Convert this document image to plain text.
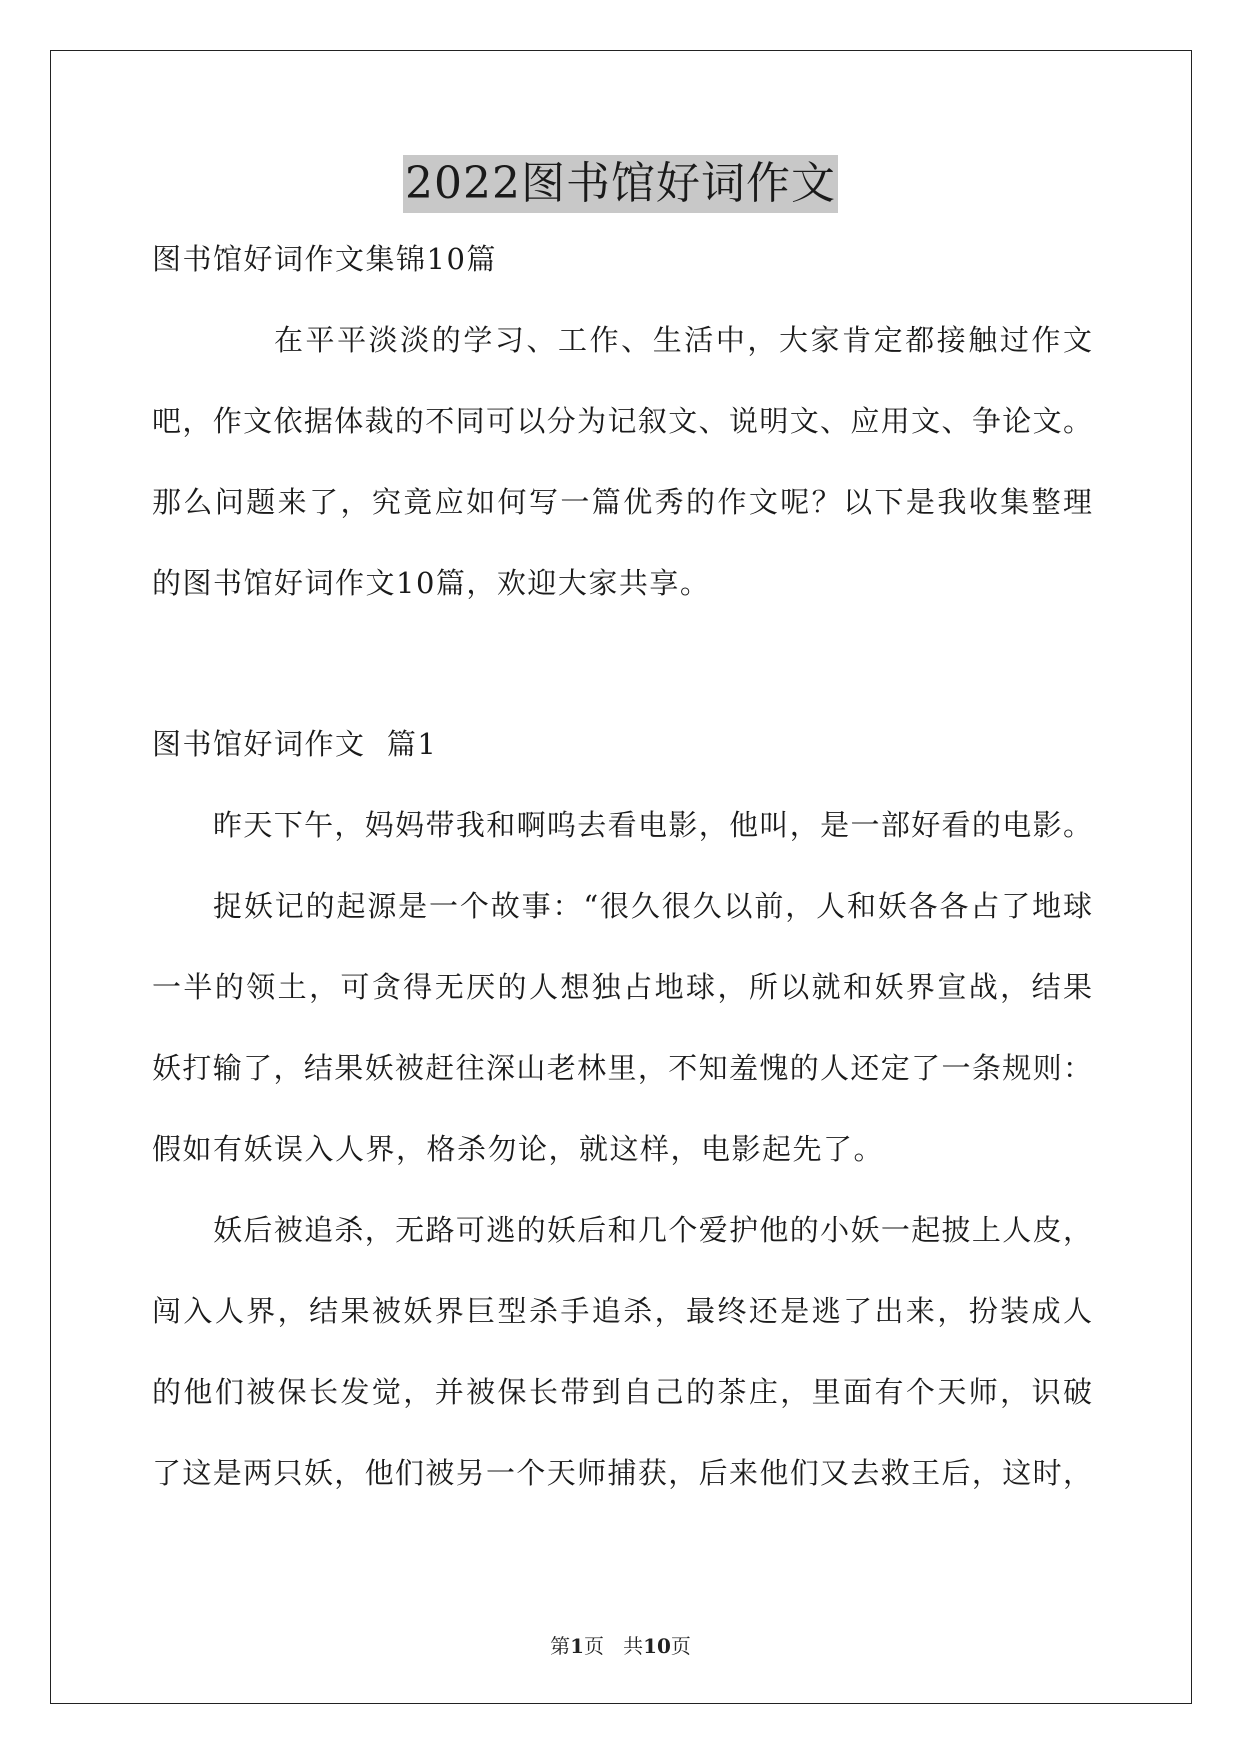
2022图书馆好词作文
图书馆好词作文集锦10篇
在平平淡淡的学习、工作、生活中，大家肯定都接触过作文
吧，作文依据体裁的不同可以分为记叙文、说明文、应用文、争论文。
那么问题来了，究竟应如何写一篇优秀的作文呢？以下是我收集整理
的图书馆好词作文10篇，欢迎大家共享。
图书馆好词作文  篇1
昨天下午，妈妈带我和啊呜去看电影，他叫，是一部好看的电影。
捉妖记的起源是一个故事：“很久很久以前，人和妖各各占了地球
一半的领土，可贪得无厌的人想独占地球，所以就和妖界宣战，结果
妖打输了，结果妖被赶往深山老林里，不知羞愧的人还定了一条规则：
假如有妖误入人界，格杀勿论，就这样，电影起先了。
妖后被追杀，无路可逃的妖后和几个爱护他的小妖一起披上人皮，
闯入人界，结果被妖界巨型杀手追杀，最终还是逃了出来，扮装成人
的他们被保长发觉，并被保长带到自己的茶庄，里面有个天师，识破
了这是两只妖，他们被另一个天师捕获，后来他们又去救王后，这时，
第1页   共10页
